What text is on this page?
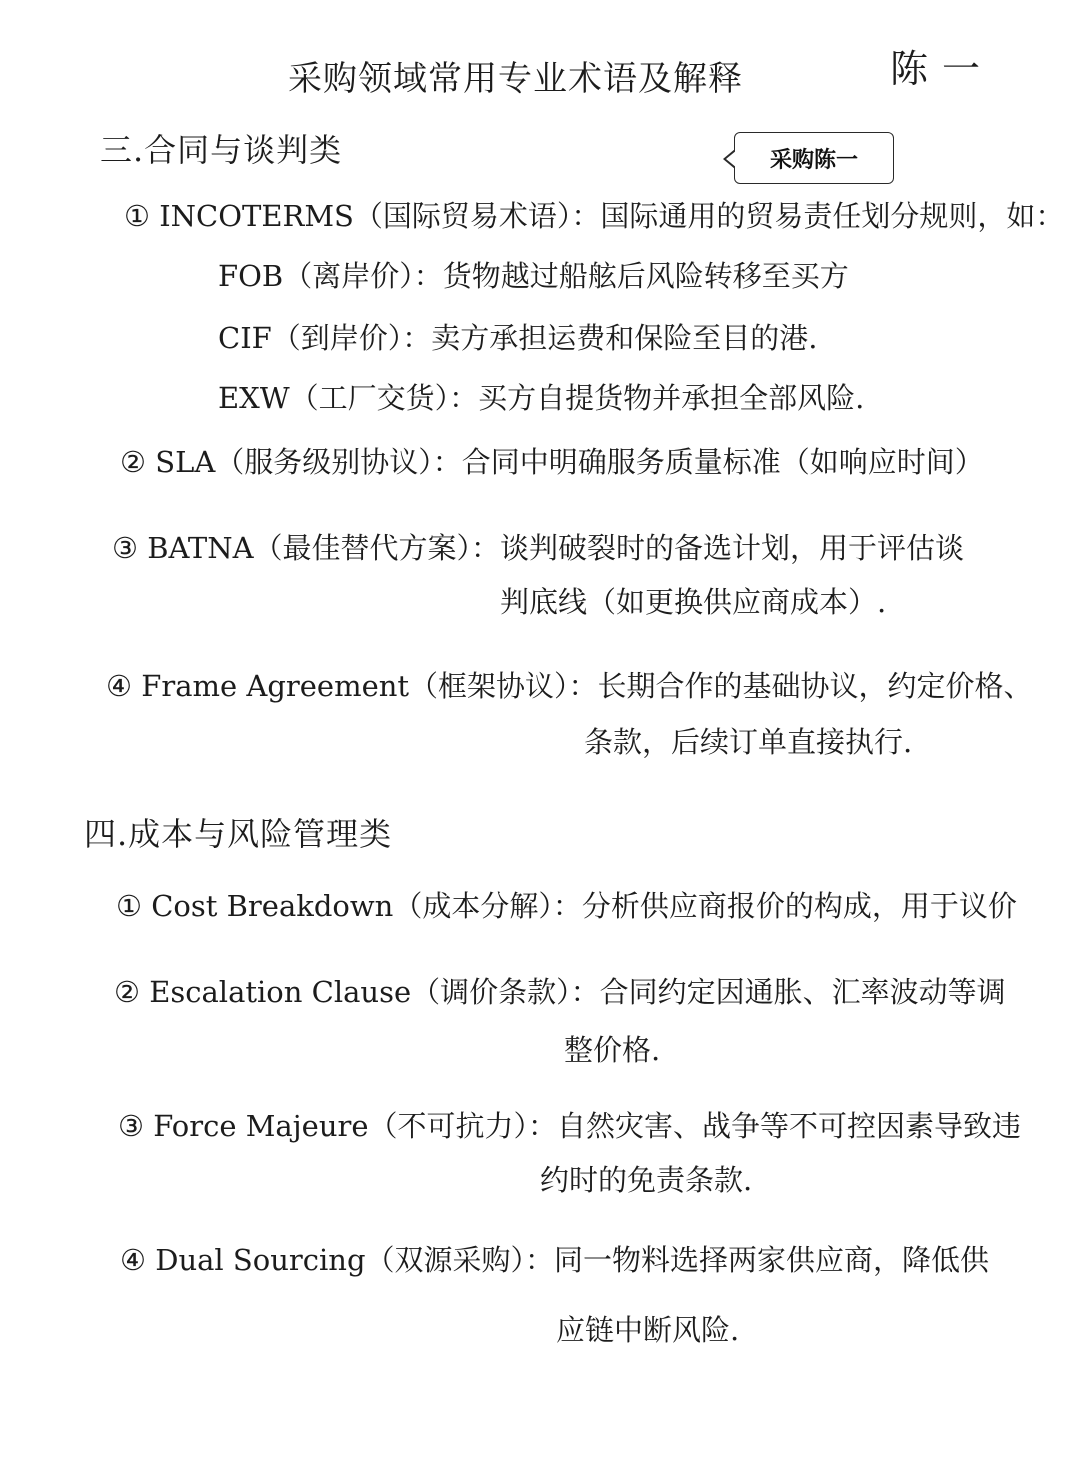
采购领域常用专业术语及解释	陈一
采购陈一
三.合同与谈判类
① INCOTERMS（国际贸易术语）：国际通用的贸易责任划分规则，如：
FOB（离岸价）：货物越过船舷后风险转移至买方
CIF（到岸价）：卖方承担运费和保险至目的港.
EXW（工厂交货）：买方自提货物并承担全部风险.
② SLA（服务级别协议）：合同中明确服务质量标准（如响应时间）
③ BATNA（最佳替代方案）：谈判破裂时的备选计划，用于评估谈
判底线（如更换供应商成本）.
④ Frame Agreement（框架协议）：长期合作的基础协议，约定价格、
条款，后续订单直接执行.
四.成本与风险管理类
① Cost Breakdown（成本分解）：分析供应商报价的构成，用于议价
② Escalation Clause（调价条款）：合同约定因通胀、汇率波动等调
整价格.
③ Force Majeure（不可抗力）：自然灾害、战争等不可控因素导致违
约时的免责条款.
④ Dual Sourcing（双源采购）：同一物料选择两家供应商，降低供
应链中断风险.
